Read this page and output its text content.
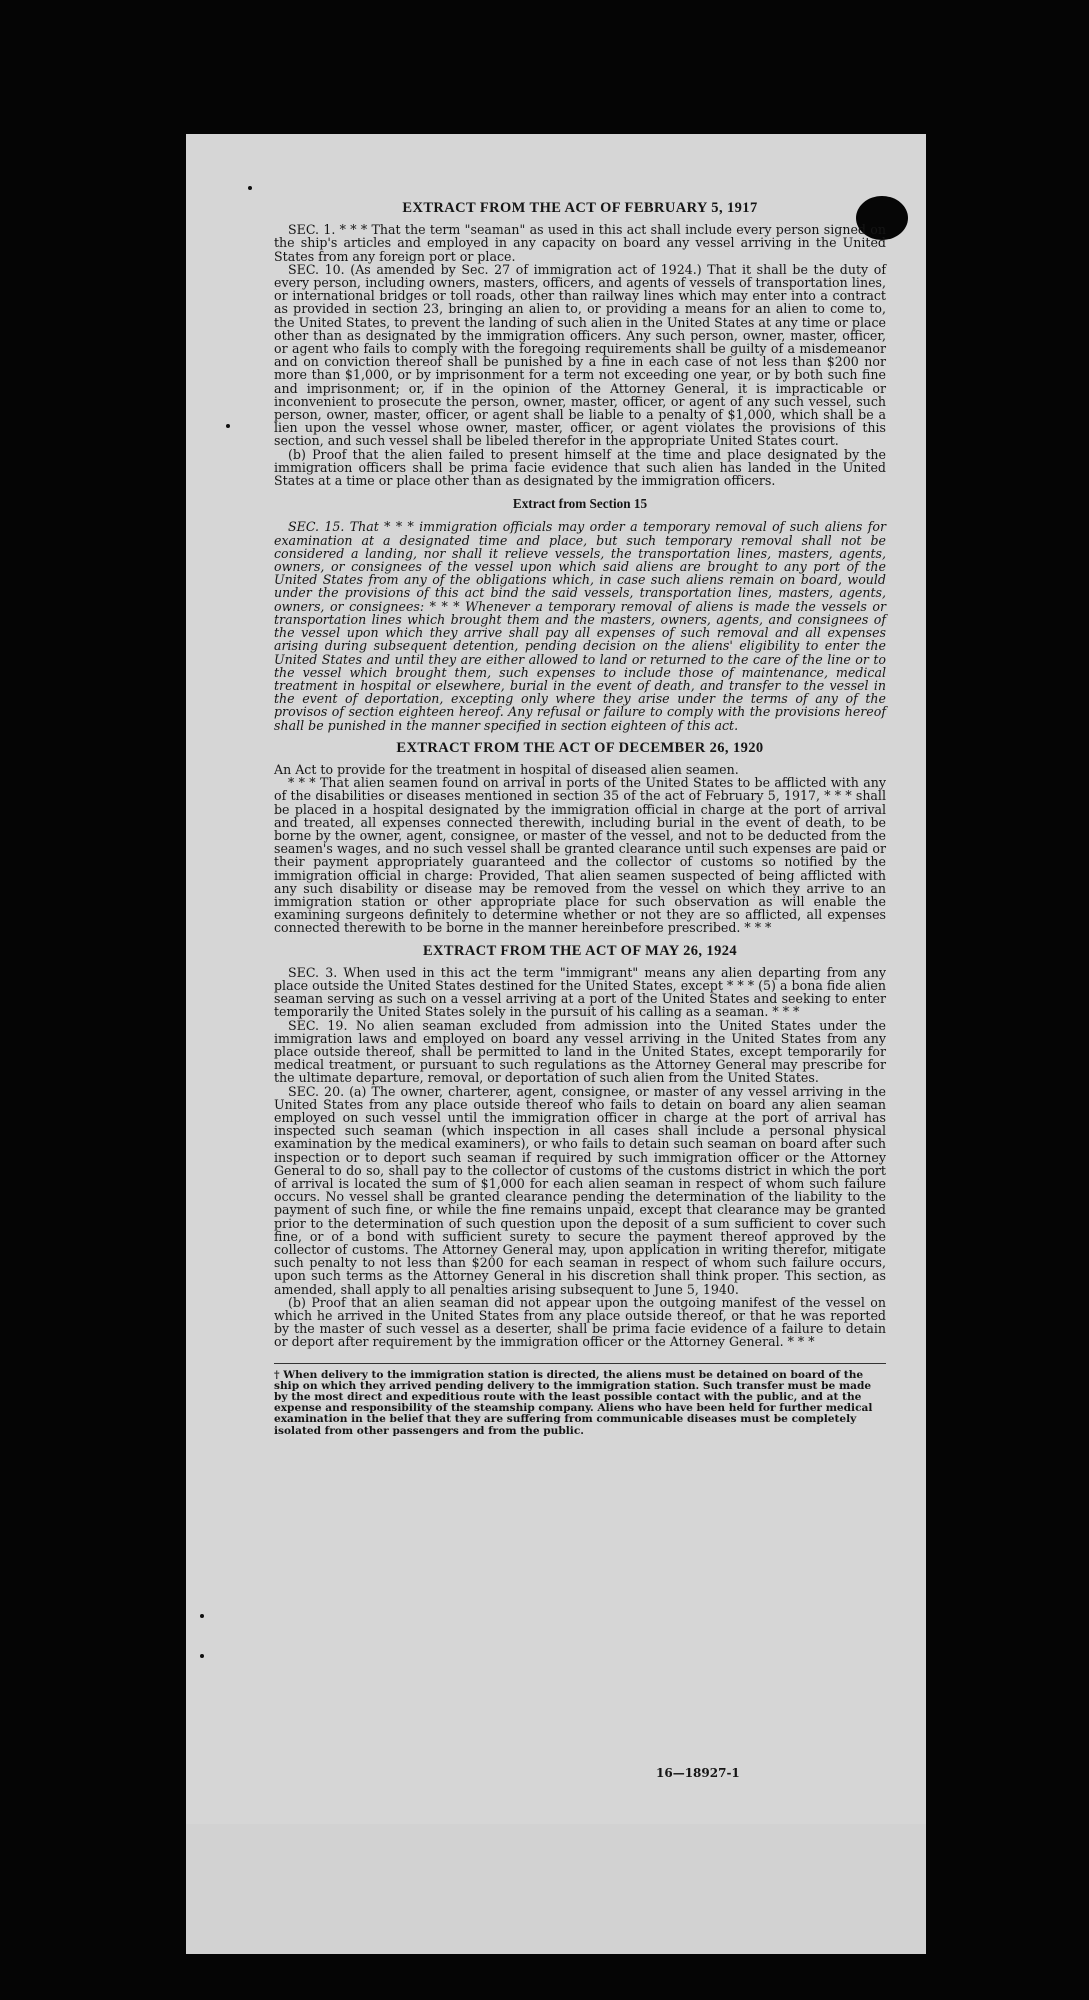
EXTRACT FROM THE ACT OF FEBRUARY 5, 1917

SEC. 1. * * * That the term "seaman" as used in this act shall include every person signed on the ship's articles and employed in any capacity on board any vessel arriving in the United States from any foreign port or place.

SEC. 10. (As amended by Sec. 27 of immigration act of 1924.) That it shall be the duty of every person, including owners, masters, officers, and agents of vessels of transportation lines, or international bridges or toll roads, other than railway lines which may enter into a contract as provided in section 23, bringing an alien to, or providing a means for an alien to come to, the United States, to prevent the landing of such alien in the United States at any time or place other than as designated by the immigration officers. Any such person, owner, master, officer, or agent who fails to comply with the foregoing requirements shall be guilty of a misdemeanor and on conviction thereof shall be punished by a fine in each case of not less than $200 nor more than $1,000, or by imprisonment for a term not exceeding one year, or by both such fine and imprisonment; or, if in the opinion of the Attorney General, it is impracticable or inconvenient to prosecute the person, owner, master, officer, or agent of any such vessel, such person, owner, master, officer, or agent shall be liable to a penalty of $1,000, which shall be a lien upon the vessel whose owner, master, officer, or agent violates the provisions of this section, and such vessel shall be libeled therefor in the appropriate United States court.

(b) Proof that the alien failed to present himself at the time and place designated by the immigration officers shall be prima facie evidence that such alien has landed in the United States at a time or place other than as designated by the immigration officers.

Extract from Section 15

SEC. 15. That * * * immigration officials may order a temporary removal of such aliens for examination at a designated time and place, but such temporary removal shall not be considered a landing, nor shall it relieve vessels, the transportation lines, masters, agents, owners, or consignees of the vessel upon which said aliens are brought to any port of the United States from any of the obligations which, in case such aliens remain on board, would under the provisions of this act bind the said vessels, transportation lines, masters, agents, owners, or consignees: * * * Whenever a temporary removal of aliens is made the vessels or transportation lines which brought them and the masters, owners, agents, and consignees of the vessel upon which they arrive shall pay all expenses of such removal and all expenses arising during subsequent detention, pending decision on the aliens' eligibility to enter the United States and until they are either allowed to land or returned to the care of the line or to the vessel which brought them, such expenses to include those of maintenance, medical treatment in hospital or elsewhere, burial in the event of death, and transfer to the vessel in the event of deportation, excepting only where they arise under the terms of any of the provisos of section eighteen hereof. Any refusal or failure to comply with the provisions hereof shall be punished in the manner specified in section eighteen of this act.

EXTRACT FROM THE ACT OF DECEMBER 26, 1920

An Act to provide for the treatment in hospital of diseased alien seamen.

* * * That alien seamen found on arrival in ports of the United States to be afflicted with any of the disabilities or diseases mentioned in section 35 of the act of February 5, 1917, * * * shall be placed in a hospital designated by the immigration official in charge at the port of arrival and treated, all expenses connected therewith, including burial in the event of death, to be borne by the owner, agent, consignee, or master of the vessel, and not to be deducted from the seamen's wages, and no such vessel shall be granted clearance until such expenses are paid or their payment appropriately guaranteed and the collector of customs so notified by the immigration official in charge: Provided, That alien seamen suspected of being afflicted with any such disability or disease may be removed from the vessel on which they arrive to an immigration station or other appropriate place for such observation as will enable the examining surgeons definitely to determine whether or not they are so afflicted, all expenses connected therewith to be borne in the manner hereinbefore prescribed. * * *

EXTRACT FROM THE ACT OF MAY 26, 1924

SEC. 3. When used in this act the term "immigrant" means any alien departing from any place outside the United States destined for the United States, except * * * (5) a bona fide alien seaman serving as such on a vessel arriving at a port of the United States and seeking to enter temporarily the United States solely in the pursuit of his calling as a seaman. * * *

SEC. 19. No alien seaman excluded from admission into the United States under the immigration laws and employed on board any vessel arriving in the United States from any place outside thereof, shall be permitted to land in the United States, except temporarily for medical treatment, or pursuant to such regulations as the Attorney General may prescribe for the ultimate departure, removal, or deportation of such alien from the United States.

SEC. 20. (a) The owner, charterer, agent, consignee, or master of any vessel arriving in the United States from any place outside thereof who fails to detain on board any alien seaman employed on such vessel until the immigration officer in charge at the port of arrival has inspected such seaman (which inspection in all cases shall include a personal physical examination by the medical examiners), or who fails to detain such seaman on board after such inspection or to deport such seaman if required by such immigration officer or the Attorney General to do so, shall pay to the collector of customs of the customs district in which the port of arrival is located the sum of $1,000 for each alien seaman in respect of whom such failure occurs. No vessel shall be granted clearance pending the determination of the liability to the payment of such fine, or while the fine remains unpaid, except that clearance may be granted prior to the determination of such question upon the deposit of a sum sufficient to cover such fine, or of a bond with sufficient surety to secure the payment thereof approved by the collector of customs. The Attorney General may, upon application in writing therefor, mitigate such penalty to not less than $200 for each seaman in respect of whom such failure occurs, upon such terms as the Attorney General in his discretion shall think proper. This section, as amended, shall apply to all penalties arising subsequent to June 5, 1940.

(b) Proof that an alien seaman did not appear upon the outgoing manifest of the vessel on which he arrived in the United States from any place outside thereof, or that he was reported by the master of such vessel as a deserter, shall be prima facie evidence of a failure to detain or deport after requirement by the immigration officer or the Attorney General. * * *

† When delivery to the immigration station is directed, the aliens must be detained on board of the ship on which they arrived pending delivery to the immigration station. Such transfer must be made by the most direct and expeditious route with the least possible contact with the public, and at the expense and responsibility of the steamship company. Aliens who have been held for further medical examination in the belief that they are suffering from communicable diseases must be completely isolated from other passengers and from the public.
16—18927-1
